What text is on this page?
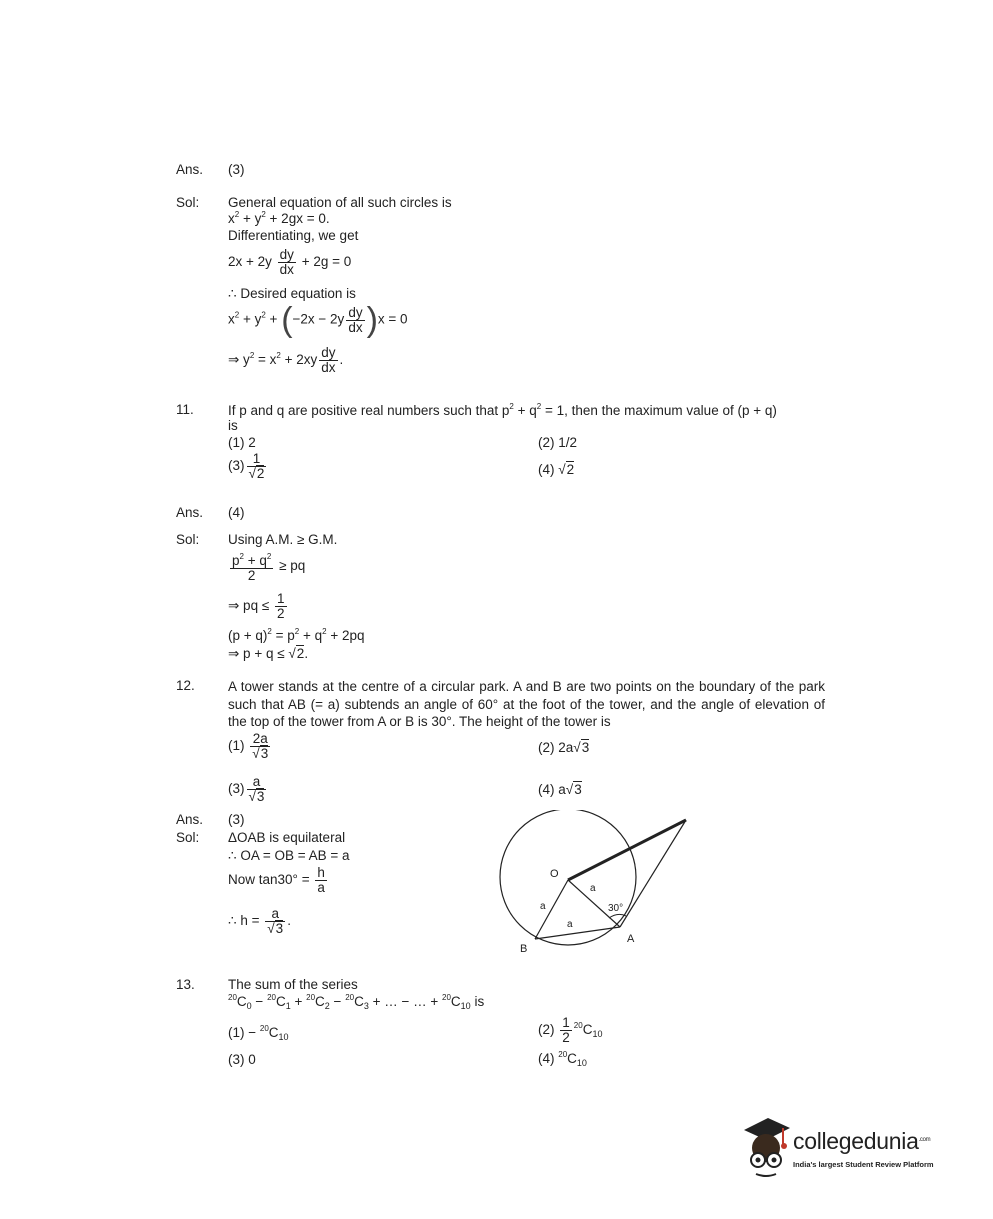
Ans. (3)
Sol: General equation of all such circles is
$x^2 + y^2 + 2gx = 0$.
Differentiating, we get
$2x + 2y \frac{dy}{dx} + 2g = 0$
∴ Desired equation is
$x^2 + y^2 + (-2x - 2y \frac{dy}{dx} )x = 0$
⇒ $y^2 = x^2 + 2xy \frac{dy}{dx}$ .
11.	If p and q are positive real numbers such that $p^2 + q^2 = 1$, then the maximum value of (p + q)
is
(1) 2	(2) 1/2
$(3) \frac{1}{√2}$	(4) √2
Ans. (4)
Sol: Using A.M. ≥ G.M.
$\frac{p^2 + q^2}{2}$ ≥ pq
⇒ pq ≤ $\frac{1}{2}$
$(p + q)^2 = p^2 + q^2 + 2pq$
⇒ p + q ≤ √2.
12. A tower stands at the centre of a circular park. A and B are two points on the boundary of the park such that AB (= a) subtends an angle of 60° at the foot of the tower, and the angle of elevation of the top of the tower from A or B is 30°. The height of the tower is
$(1) \frac{2a}{√3}$	(2) 2a√3
$(3) \frac{a}{√3}$	(4) a√3
Ans. (3)
Sol: ΔOAB is equilateral
∴ OA = OB = AB = a
Now $\tan 30^\circ = \frac{h}{a}$
∴ $h = \frac{a}{√3}$ .
O
A
B
a
a
a
30°
13. The sum of the series
$^{20}C_0 - ^{20}C_1 + ^{20}C_2 - ^{20}C_3$ + … − … + $^{20}C_{10}$ is
$(1) - ^{20}C_{10}$	$(2) \frac{1}{2} ^{20}C_{10}$
(3) 0	(4) $^{20}C_{10}$
collegedunia$^{.com}$
India's largest Student Review Platform
